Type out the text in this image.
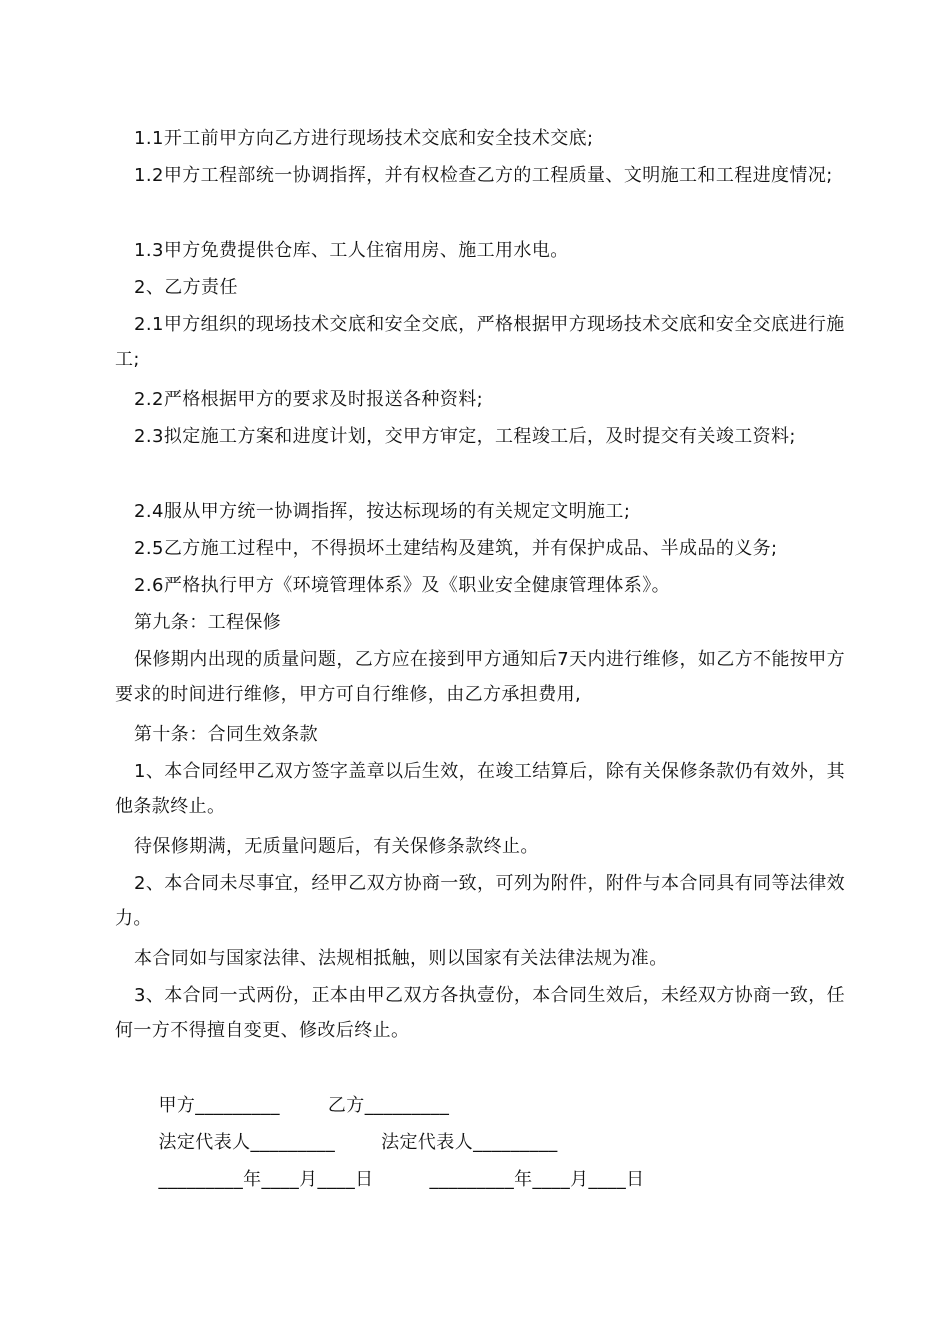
1.1开工前甲方向乙方进行现场技术交底和安全技术交底;

1.2甲方工程部统一协调指挥，并有权检查乙方的工程质量、文明施工和工程进度情况;

1.3甲方免费提供仓库、工人住宿用房、施工用水电。

2、乙方责任

2.1甲方组织的现场技术交底和安全交底，严格根据甲方现场技术交底和安全交底进行施工;

2.2严格根据甲方的要求及时报送各种资料;

2.3拟定施工方案和进度计划，交甲方审定，工程竣工后，及时提交有关竣工资料;

2.4服从甲方统一协调指挥，按达标现场的有关规定文明施工;

2.5乙方施工过程中，不得损坏土建结构及建筑，并有保护成品、半成品的义务;

2.6严格执行甲方《环境管理体系》及《职业安全健康管理体系》。

第九条：工程保修

保修期内出现的质量问题，乙方应在接到甲方通知后7天内进行维修，如乙方不能按甲方要求的时间进行维修，甲方可自行维修，由乙方承担费用,

第十条：合同生效条款

1、本合同经甲乙双方签字盖章以后生效，在竣工结算后，除有关保修条款仍有效外，其他条款终止。

待保修期满，无质量问题后，有关保修条款终止。

2、本合同未尽事宜，经甲乙双方协商一致，可列为附件，附件与本合同具有同等法律效力。

本合同如与国家法律、法规相抵触，则以国家有关法律法规为准。

3、本合同一式两份，正本由甲乙双方各执壹份，本合同生效后，未经双方协商一致，任何一方不得擅自变更、修改后终止。

甲方_________	乙方_________

法定代表人_________	法定代表人_________

_________年____月____日	_________年____月____日
